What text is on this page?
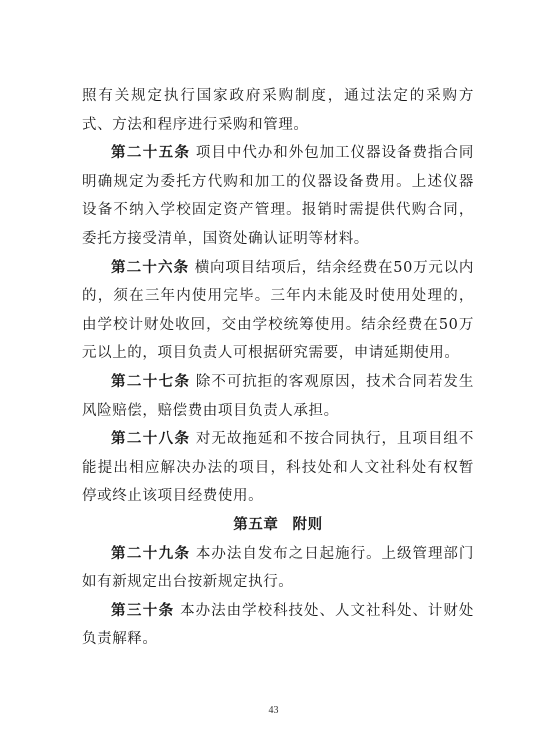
照有关规定执行国家政府采购制度，通过法定的采购方式、方法和程序进行采购和管理。

第二十五条 项目中代办和外包加工仪器设备费指合同明确规定为委托方代购和加工的仪器设备费用。上述仪器设备不纳入学校固定资产管理。报销时需提供代购合同，委托方接受清单，国资处确认证明等材料。

第二十六条 横向项目结项后，结余经费在50万元以内的，须在三年内使用完毕。三年内未能及时使用处理的，由学校计财处收回，交由学校统筹使用。结余经费在50万元以上的，项目负责人可根据研究需要，申请延期使用。

第二十七条 除不可抗拒的客观原因，技术合同若发生风险赔偿，赔偿费由项目负责人承担。

第二十八条 对无故拖延和不按合同执行，且项目组不能提出相应解决办法的项目，科技处和人文社科处有权暂停或终止该项目经费使用。

第五章 附则

第二十九条 本办法自发布之日起施行。上级管理部门如有新规定出台按新规定执行。

第三十条 本办法由学校科技处、人文社科处、计财处负责解释。

43
